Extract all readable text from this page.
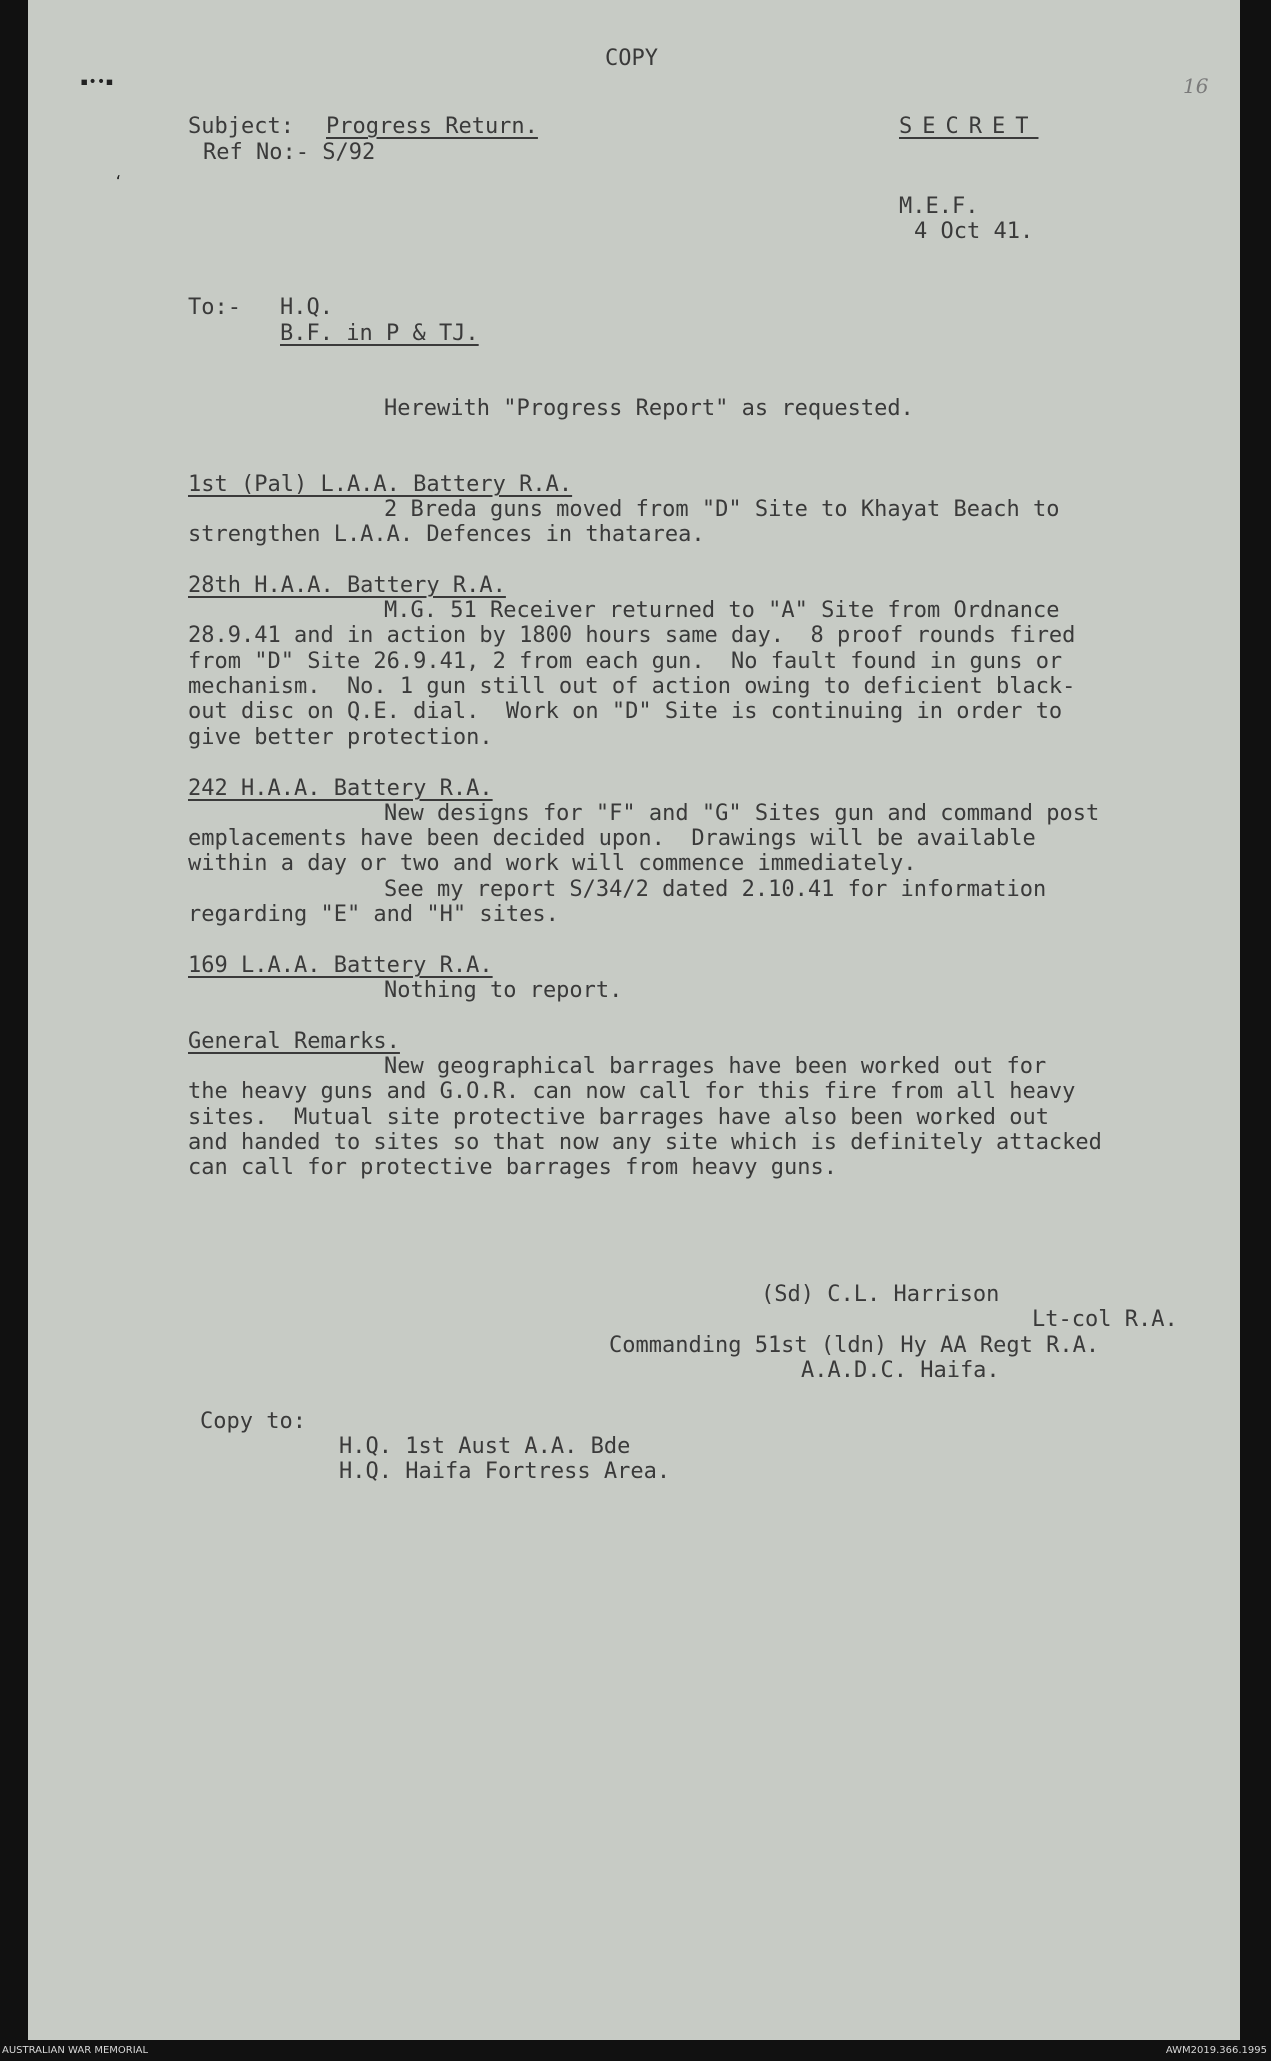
COPY
16
▪••▪
‘
Subject: Progress Return.
Ref No:- S/92
SECRET
M.E.F.
4 Oct 41.
To:- H.Q.
B.F. in P & TJ.
Herewith "Progress Report" as requested.
1st (Pal) L.A.A. Battery R.A.
2 Breda guns moved from "D" Site to Khayat Beach to
strengthen L.A.A. Defences in thatarea.
28th H.A.A. Battery R.A.
M.G. 51 Receiver returned to "A" Site from Ordnance
28.9.41 and in action by 1800 hours same day.  8 proof rounds fired
from "D" Site 26.9.41, 2 from each gun.  No fault found in guns or
mechanism.  No. 1 gun still out of action owing to deficient black-
out disc on Q.E. dial.  Work on "D" Site is continuing in order to
give better protection.
242 H.A.A. Battery R.A.
New designs for "F" and "G" Sites gun and command post
emplacements have been decided upon.  Drawings will be available
within a day or two and work will commence immediately.
See my report S/34/2 dated 2.10.41 for information
regarding "E" and "H" sites.
169 L.A.A. Battery R.A.
Nothing to report.
General Remarks.
New geographical barrages have been worked out for
the heavy guns and G.O.R. can now call for this fire from all heavy
sites.  Mutual site protective barrages have also been worked out
and handed to sites so that now any site which is definitely attacked
can call for protective barrages from heavy guns.
(Sd) C.L. Harrison
Lt-col R.A.
Commanding 51st (ldn) Hy AA Regt R.A.
A.A.D.C. Haifa.
Copy to:
H.Q. 1st Aust A.A. Bde
H.Q. Haifa Fortress Area.
AUSTRALIAN WAR MEMORIAL	AWM2019.366.1995
